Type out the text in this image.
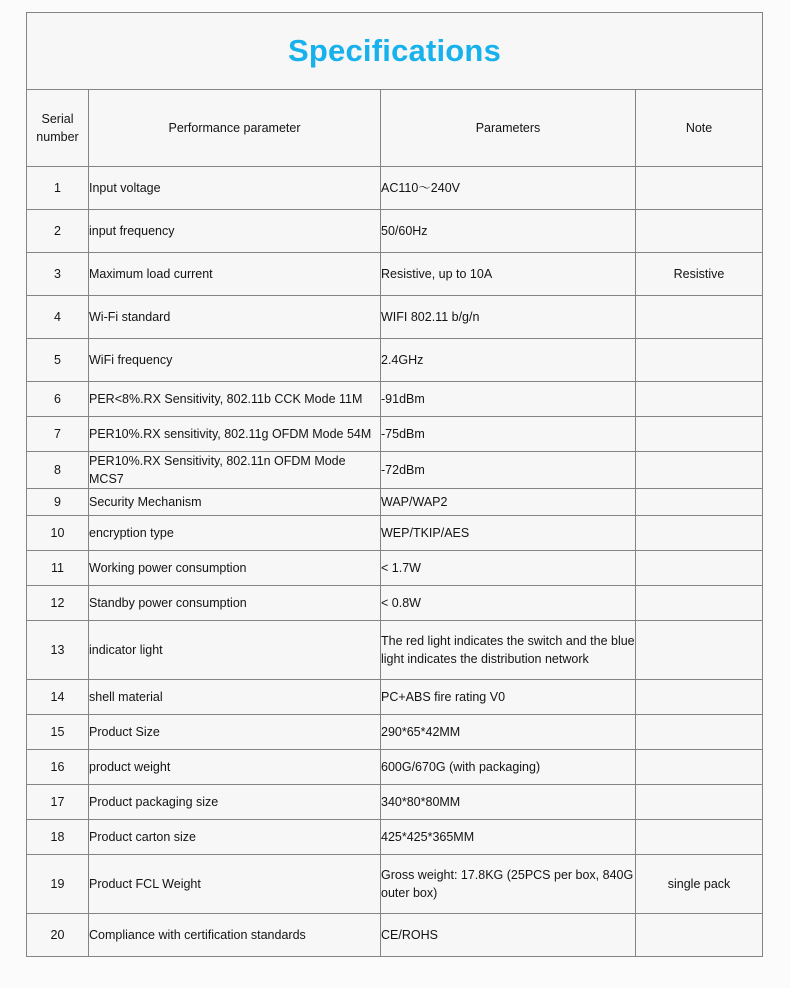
Specifications			

Serial
number	Performance parameter	Parameters	Note
1	Input voltage	AC110～240V	
2	input frequency	50/60Hz	
3	Maximum load current	Resistive, up to 10A	Resistive
4	Wi-Fi standard	WIFI 802.11 b/g/n	
5	WiFi frequency	2.4GHz	
6	PER<8%.RX Sensitivity, 802.11b CCK Mode 11M	-91dBm	
7	PER10%.RX sensitivity, 802.11g OFDM Mode 54M	-75dBm	
8	PER10%.RX Sensitivity, 802.11n OFDM Mode MCS7	-72dBm	
9	Security Mechanism	WAP/WAP2	
10	encryption type	WEP/TKIP/AES	
11	Working power consumption	< 1.7W	
12	Standby power consumption	< 0.8W	
13	indicator light	The red light indicates the switch and the blue light indicates the distribution network	
14	shell material	PC+ABS fire rating V0	
15	Product Size	290*65*42MM	
16	product weight	600G/670G (with packaging)	
17	Product packaging size	340*80*80MM	
18	Product carton size	425*425*365MM	
19	Product FCL Weight	Gross weight: 17.8KG (25PCS per box, 840G outer box)	single pack
20	Compliance with certification standards	CE/ROHS	
